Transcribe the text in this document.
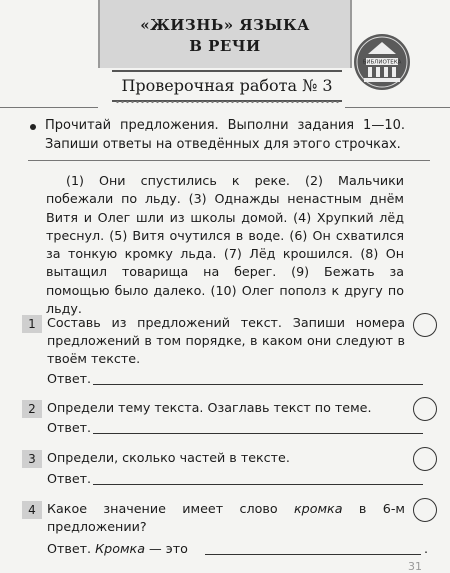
«ЖИЗНЬ» ЯЗЫКА
В РЕЧИ
Проверочная работа № 3
БИБЛИОТЕКА
Прочитай предложения. Выполни задания 1—10. Запиши ответы на отведённых для этого строчках.
(1) Они спустились к реке. (2) Мальчики побежали по льду. (3) Однажды ненастным днём Витя и Олег шли из школы домой. (4) Хрупкий лёд треснул. (5) Витя очутился в воде. (6) Он схватился за тонкую кромку льда. (7) Лёд крошился. (8) Он вытащил товарища на берег. (9) Бежать за помощью было далеко. (10) Олег пополз к другу по льду.
1 Составь из предложений текст. Запиши номера предложений в том порядке, в каком они следуют в твоём тексте.
Ответ.
2 Определи тему текста. Озаглавь текст по теме.
Ответ.
3 Определи, сколько частей в тексте.
Ответ.
4 Какое значение имеет слово кромка в 6-м предложении?
Ответ. Кромка — это	.
31
